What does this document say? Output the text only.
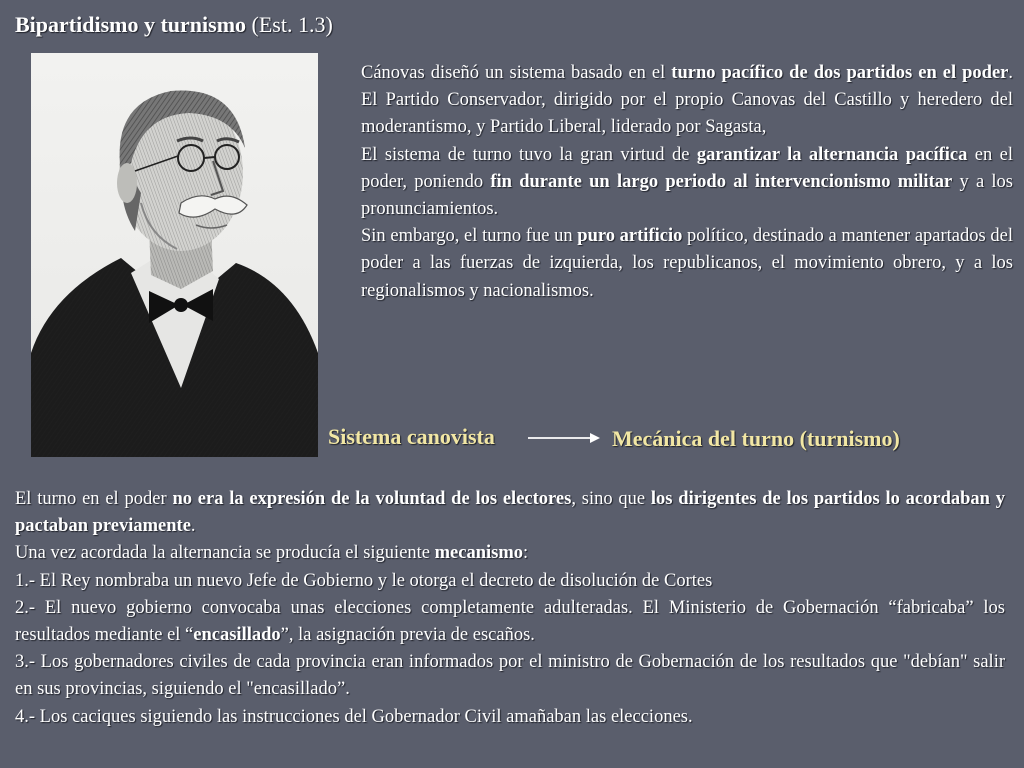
Bipartidismo y turnismo (Est. 1.3)

Cánovas diseñó un sistema basado en el turno pacífico de dos partidos en el poder. El Partido Conservador, dirigido por el propio Canovas del Castillo y heredero del moderantismo, y Partido Liberal, liderado por Sagasta,

El sistema de turno tuvo la gran virtud de garantizar la alternancia pacífica en el poder, poniendo fin durante un largo periodo al intervencionismo militar y a los pronunciamientos.

Sin embargo, el turno fue un puro artificio político, destinado a mantener apartados del poder a las fuerzas de izquierda, los republicanos, el movimiento obrero, y a los regionalismos y nacionalismos.

Sistema canovista	Mecánica del turno (turnismo)

El turno en el poder no era la expresión de la voluntad de los electores, sino que los dirigentes de los partidos lo acordaban y pactaban previamente.

Una vez acordada la alternancia se producía el siguiente mecanismo:

1.- El Rey nombraba un nuevo Jefe de Gobierno y le otorga el decreto de disolución de Cortes

2.- El nuevo gobierno convocaba unas elecciones completamente adulteradas. El Ministerio de Gobernación “fabricaba” los resultados mediante el “encasillado”, la asignación previa de escaños.

3.- Los gobernadores civiles de cada provincia eran informados por el ministro de Gobernación de los resultados que "debían" salir en sus provincias, siguiendo el "encasillado”.

4.- Los caciques siguiendo las instrucciones del Gobernador Civil amañaban las elecciones.
